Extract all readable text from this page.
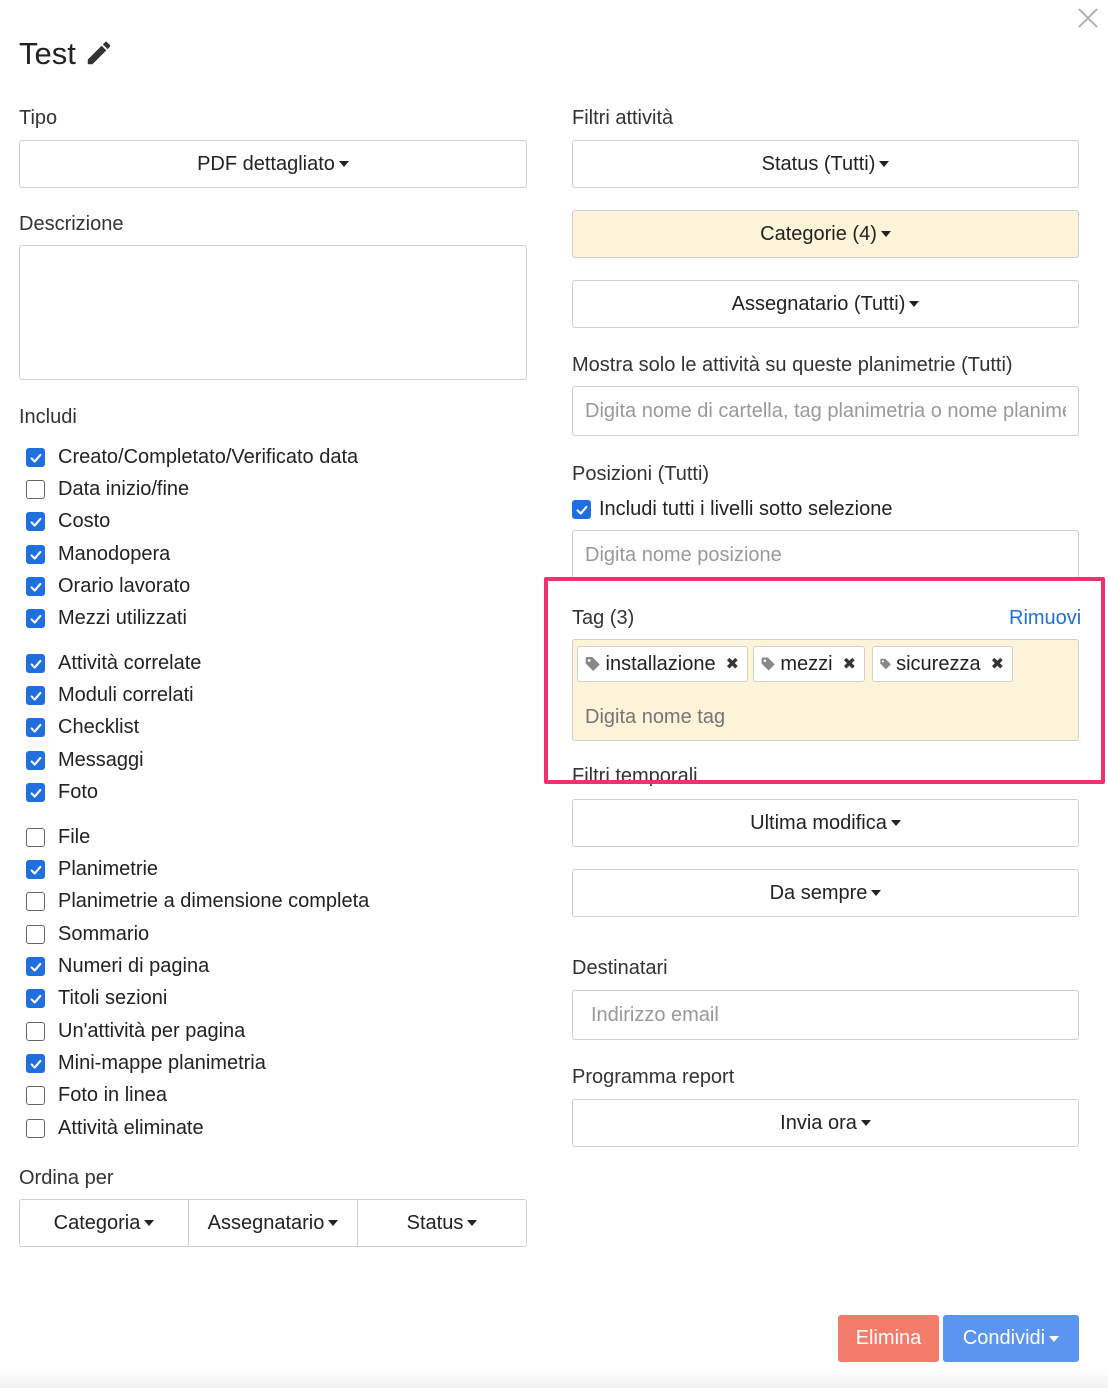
Test
Tipo
PDF dettagliato
Descrizione
Includi
Creato/Completato/Verificato data
Data inizio/fine
Costo
Manodopera
Orario lavorato
Mezzi utilizzati
Attività correlate
Moduli correlati
Checklist
Messaggi
Foto
File
Planimetrie
Planimetrie a dimensione completa
Sommario
Numeri di pagina
Titoli sezioni
Un'attività per pagina
Mini-mappe planimetria
Foto in linea
Attività eliminate
Ordina per
Categoria	Assegnatario	Status
Filtri attività
Status (Tutti)
Categorie (4)
Assegnatario (Tutti)
Mostra solo le attività su queste planimetrie (Tutti)
Digita nome di cartella, tag planimetria o nome planimetria
Posizioni (Tutti)
Includi tutti i livelli sotto selezione
Digita nome posizione
Tag (3)	Rimuovi
installazione ✖ mezzi ✖ sicurezza ✖
Digita nome tag
Filtri temporali
Ultima modifica
Da sempre
Destinatari
Indirizzo email
Programma report
Invia ora
Elimina Condividi
